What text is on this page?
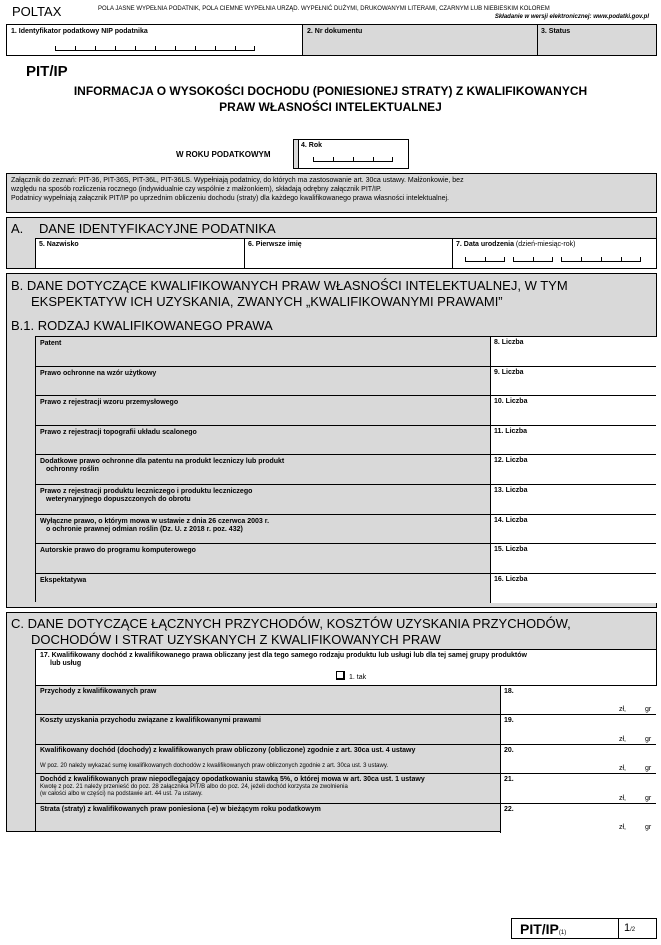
POLTAX	POLA JASNE WYPEŁNIA PODATNIK, POLA CIEMNE WYPEŁNIA URZĄD. WYPEŁNIĆ DUŻYMI, DRUKOWANYMI LITERAMI, CZARNYM LUB NIEBIESKIM KOLOREM
Składanie w wersji elektronicznej: www.podatki.gov.pl
1. Identyfikator podatkowy NIP podatnika	2. Nr dokumentu	3. Status
PIT/IP
INFORMACJA O WYSOKOŚCI DOCHODU (PONIESIONEJ STRATY) Z KWALIFIKOWANYCH
PRAW WŁASNOŚCI INTELEKTUALNEJ
W ROKU PODATKOWYM
4. Rok
Załącznik do zeznań: PIT-36, PIT-36S, PIT-36L, PIT-36LS. Wypełniają podatnicy, do których ma zastosowanie art. 30ca ustawy. Małżonkowie, bez
względu na sposób rozliczenia rocznego (indywidualnie czy wspólnie z małżonkiem), składają odrębny załącznik PIT/IP.
Podatnicy wypełniają załącznik PIT/IP po uprzednim obliczeniu dochodu (straty) dla każdego kwalifikowanego prawa własności intelektualnej.
A. DANE IDENTYFIKACYJNE PODATNIKA
5. Nazwisko	6. Pierwsze imię	7. Data urodzenia (dzień-miesiąc-rok)
B. DANE DOTYCZĄCE KWALIFIKOWANYCH PRAW WŁASNOŚCI INTELEKTUALNEJ, W TYM
EKSPEKTATYW ICH UZYSKANIA, ZWANYCH „KWALIFIKOWANYMI PRAWAMI”
B.1. RODZAJ KWALIFIKOWANEGO PRAWA
Patent	8. Liczba
Prawo ochronne na wzór użytkowy	9. Liczba
Prawo z rejestracji wzoru przemysłowego	10. Liczba
Prawo z rejestracji topografii układu scalonego	11. Liczba
Dodatkowe prawo ochronne dla patentu na produkt leczniczy lub produkt
ochronny roślin
12. Liczba
Prawo z rejestracji produktu leczniczego i produktu leczniczego
weterynaryjnego dopuszczonych do obrotu
13. Liczba
Wyłączne prawo, o którym mowa w ustawie z dnia 26 czerwca 2003 r.
o ochronie prawnej odmian roślin (Dz. U. z 2018 r. poz. 432)
14. Liczba
Autorskie prawo do programu komputerowego	15. Liczba
Ekspektatywa	16. Liczba
C. DANE DOTYCZĄCE ŁĄCZNYCH PRZYCHODÓW, KOSZTÓW UZYSKANIA PRZYCHODÓW,
DOCHODÓW I STRAT UZYSKANYCH Z KWALIFIKOWANYCH PRAW
17. Kwalifikowany dochód z kwalifikowanego prawa obliczany jest dla tego samego rodzaju produktu lub usługi lub dla tej samej grupy produktów
lub usług
1. tak
Przychody z kwalifikowanych praw	18.
zł,	gr
Koszty uzyskania przychodu związane z kwalifikowanymi prawami	19.
zł,	gr
Kwalifikowany dochód (dochody) z kwalifikowanych praw obliczony (obliczone) zgodnie z art. 30ca ust. 4 ustawy
W poz. 20 należy wykazać sumę kwalifikowanych dochodów z kwalifikowanych praw obliczonych zgodnie z art. 30ca ust. 3 ustawy.
20.
zł,	gr
Dochód z kwalifikowanych praw niepodlegający opodatkowaniu stawką 5%, o której mowa w art. 30ca ust. 1 ustawy
Kwotę z poz. 21 należy przenieść do poz. 28 załącznika PIT/B albo do poz. 24, jeżeli dochód korzysta ze zwolnienia
(w całości albo w części) na podstawie art. 44 ust. 7a ustawy.
21.
zł,	gr
Strata (straty) z kwalifikowanych praw poniesiona (-e) w bieżącym roku podatkowym	22.
zł,	gr
PIT/IP(1)	1/2
